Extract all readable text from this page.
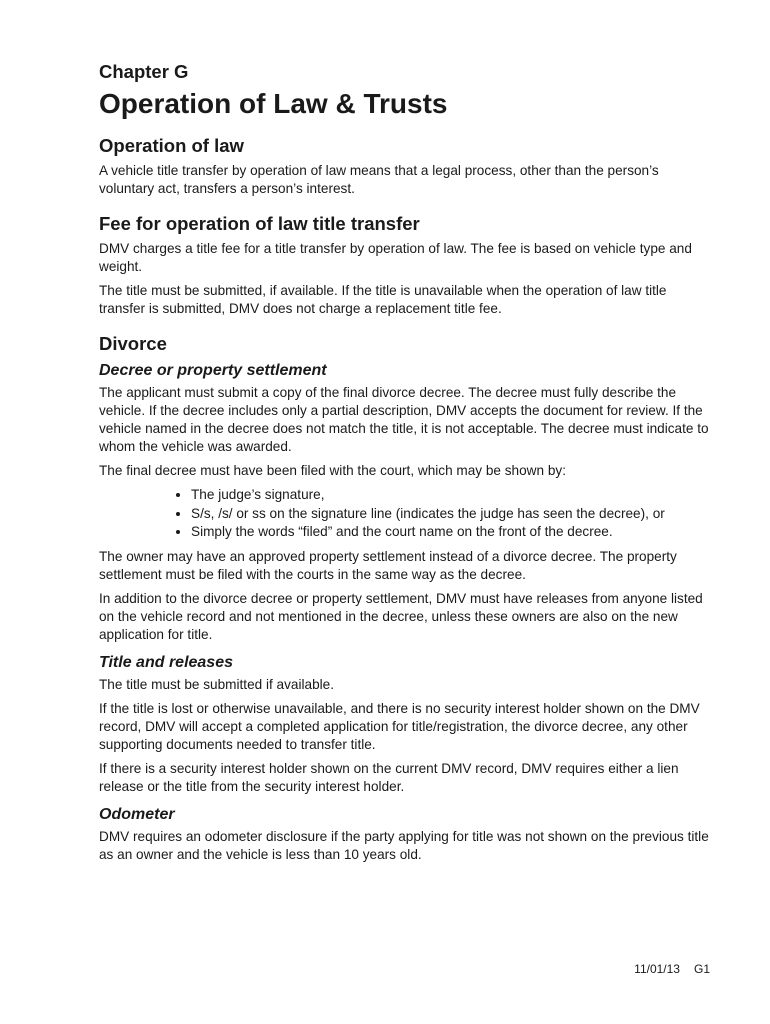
Chapter G
Operation of Law & Trusts
Operation of law

A vehicle title transfer by operation of law means that a legal process, other than the person’s voluntary act, transfers a person’s interest.

Fee for operation of law title transfer

DMV charges a title fee for a title transfer by operation of law. The fee is based on vehicle type and weight.

The title must be submitted, if available. If the title is unavailable when the operation of law title transfer is submitted, DMV does not charge a replacement title fee.

Divorce
Decree or property settlement

The applicant must submit a copy of the final divorce decree. The decree must fully describe the vehicle. If the decree includes only a partial description, DMV accepts the document for review. If the vehicle named in the decree does not match the title, it is not acceptable. The decree must indicate to whom the vehicle was awarded.

The final decree must have been filed with the court, which may be shown by:

• The judge’s signature,
• S/s, /s/ or ss on the signature line (indicates the judge has seen the decree), or
• Simply the words “filed” and the court name on the front of the decree.

The owner may have an approved property settlement instead of a divorce decree. The property settlement must be filed with the courts in the same way as the decree.

In addition to the divorce decree or property settlement, DMV must have releases from anyone listed on the vehicle record and not mentioned in the decree, unless these owners are also on the new application for title.

Title and releases

The title must be submitted if available.

If the title is lost or otherwise unavailable, and there is no security interest holder shown on the DMV record, DMV will accept a completed application for title/registration, the divorce decree, any other supporting documents needed to transfer title.

If there is a security interest holder shown on the current DMV record, DMV requires either a lien release or the title from the security interest holder.

Odometer

DMV requires an odometer disclosure if the party applying for title was not shown on the previous title as an owner and the vehicle is less than 10 years old.

11/01/13 G1
